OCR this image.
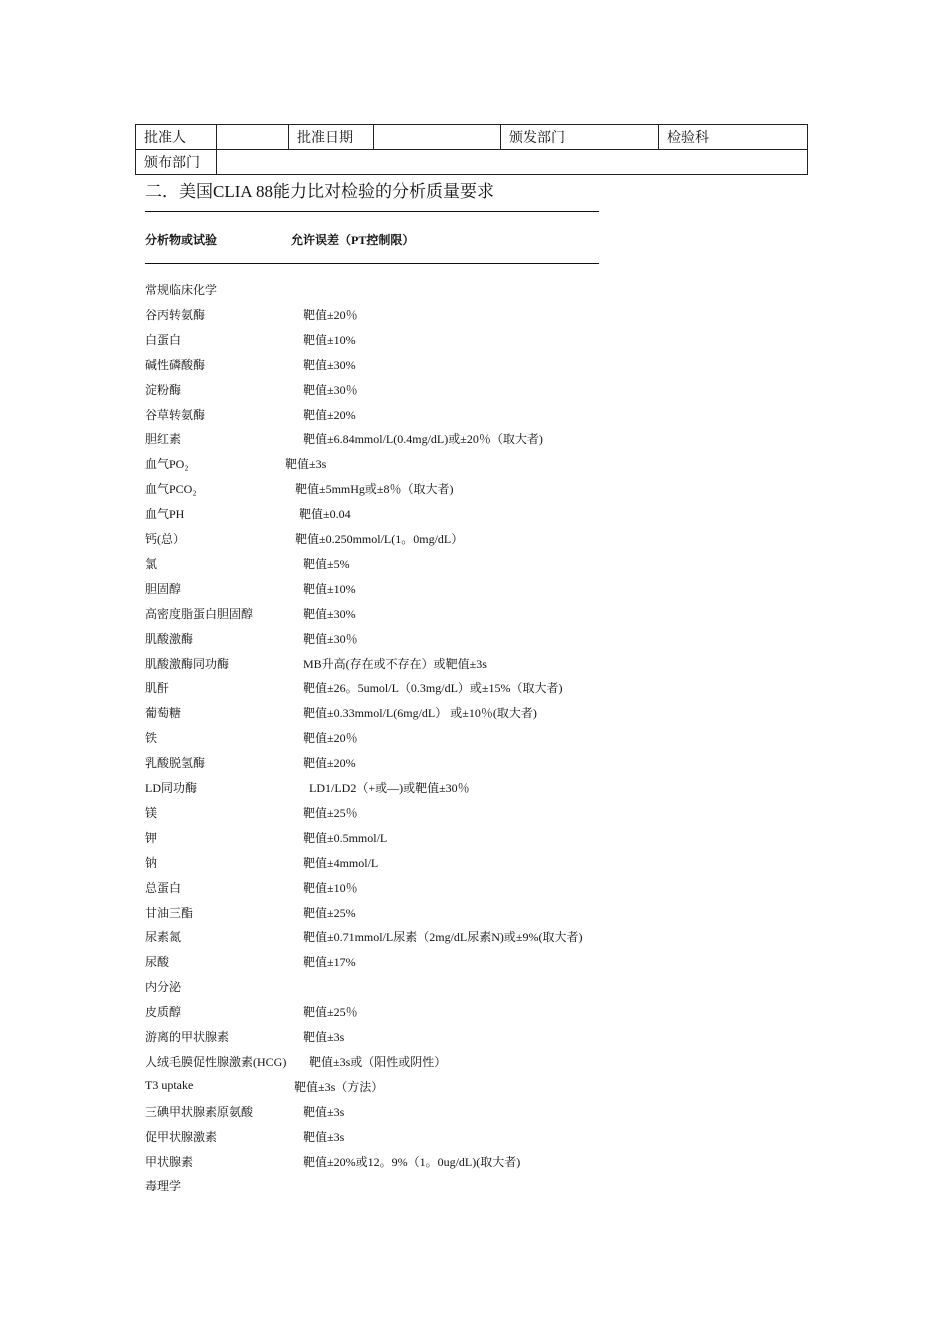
批准人		批准日期		颁发部门	检验科
颁布部门					
二．美国CLIA 88能力比对检验的分析质量要求
分析物或试验	允许误差（PT控制限）
常规临床化学
谷丙转氨酶	靶值±20％
白蛋白	靶值±10%
碱性磷酸酶	靶值±30%
淀粉酶	靶值±30％
谷草转氨酶	靶值±20%
胆红素	靶值±6.84mmol/L(0.4mg/dL)或±20％（取大者)
血气PO₂	靶值±3s
血气PCO₂	靶值±5mmHg或±8％（取大者)
血气PH	靶值±0.04
钙(总）	靶值±0.250mmol/L(1。0mg/dL）
氯	靶值±5%
胆固醇	靶值±10%
高密度脂蛋白胆固醇	靶值±30%
肌酸激酶	靶值±30％
肌酸激酶同功酶	MB升高(存在或不存在）或靶值±3s
肌酐	靶值±26。5umol/L（0.3mg/dL）或±15%（取大者)
葡萄糖	靶值±0.33mmol/L(6mg/dL） 或±10％(取大者)
铁	靶值±20％
乳酸脱氢酶	靶值±20%
LD同功酶	LD1/LD2（+或—)或靶值±30％
镁	靶值±25％
钾	靶值±0.5mmol/L
钠	靶值±4mmol/L
总蛋白	靶值±10％
甘油三酯	靶值±25%
尿素氮	靶值±0.71mmol/L尿素（2mg/dL尿素N)或±9%(取大者)
尿酸	靶值±17%
内分泌
皮质醇	靶值±25％
游离的甲状腺素	靶值±3s
人绒毛膜促性腺激素(HCG) 靶值±3s或（阳性或阴性）
T3 uptake	靶值±3s（方法）
三碘甲状腺素原氨酸	靶值±3s
促甲状腺激素	靶值±3s
甲状腺素	靶值±20%或12。9%（1。0ug/dL)(取大者)
毒理学
